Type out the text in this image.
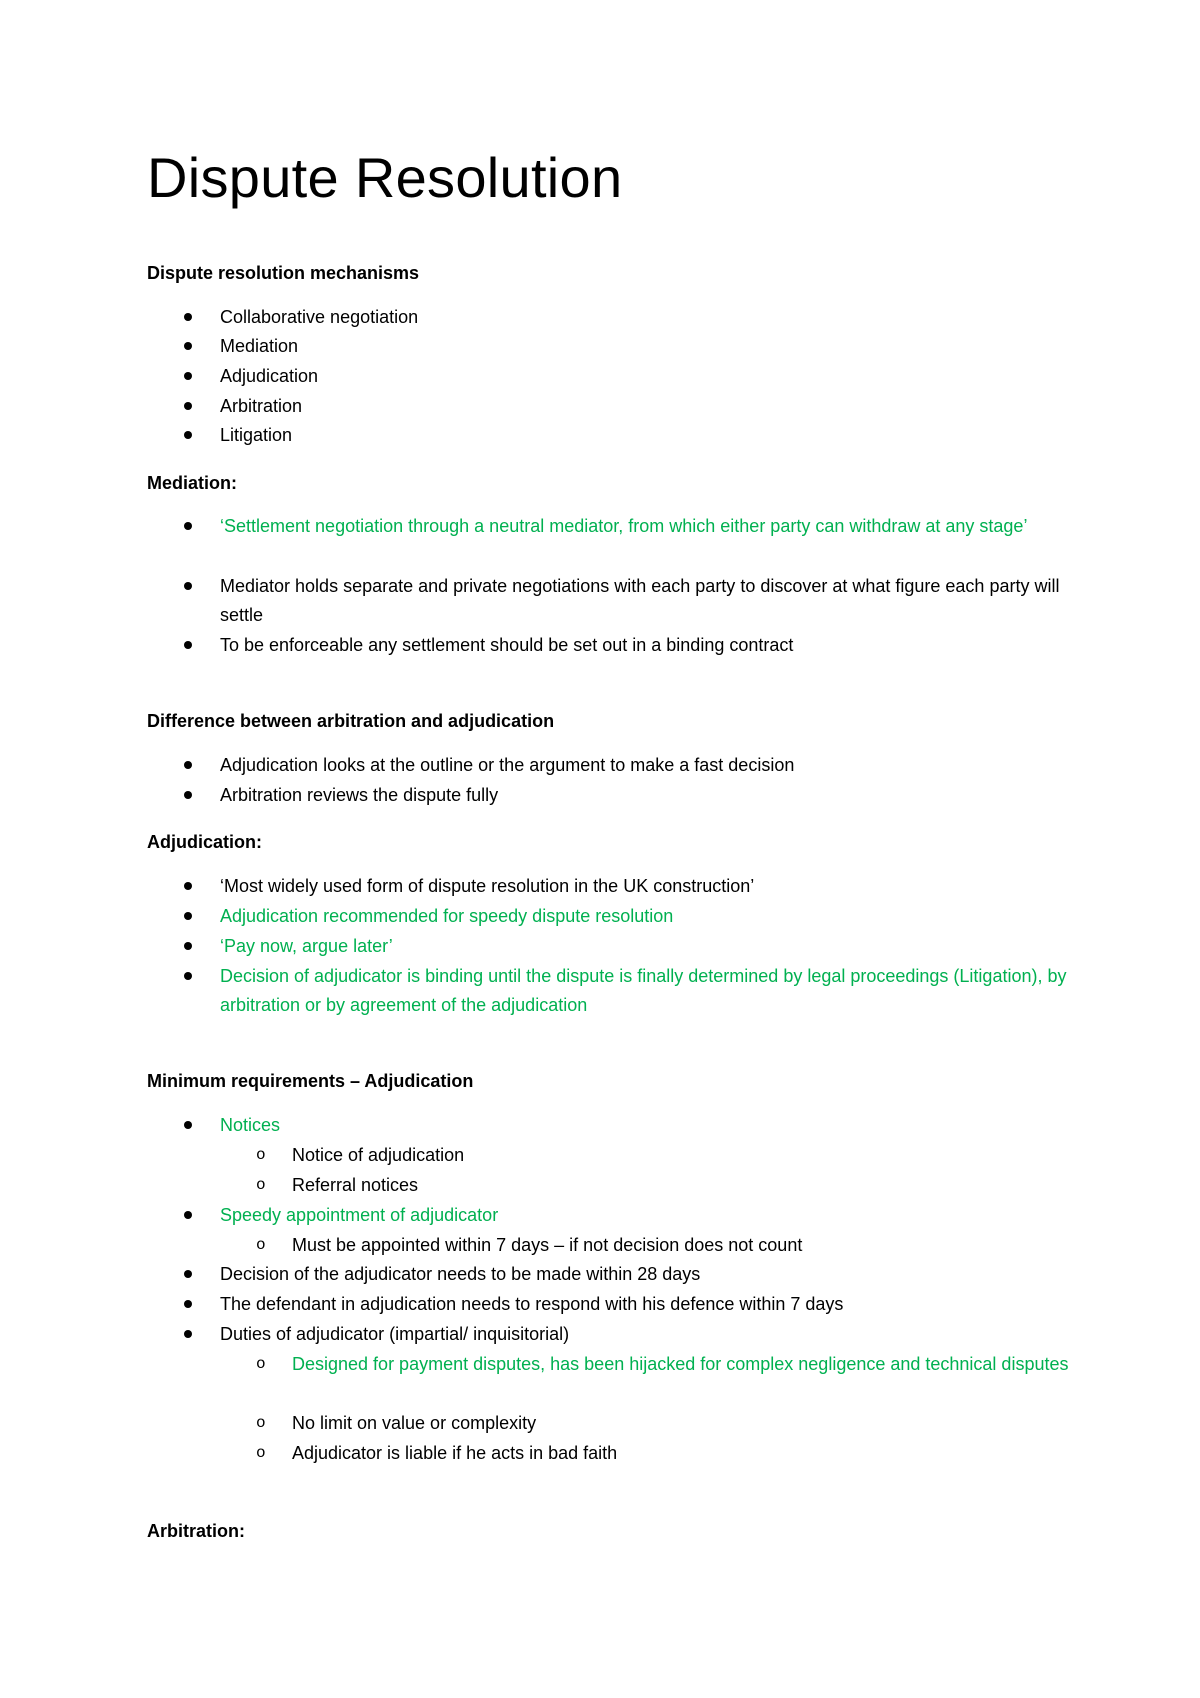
Dispute Resolution

Dispute resolution mechanisms

Collaborative negotiation

Mediation

Adjudication

Arbitration

Litigation

Mediation:

‘Settlement negotiation through a neutral mediator, from which either party can withdraw at any stage’

Mediator holds separate and private negotiations with each party to discover at what figure each party will settle

To be enforceable any settlement should be set out in a binding contract

Difference between arbitration and adjudication

Adjudication looks at the outline or the argument to make a fast decision

Arbitration reviews the dispute fully

Adjudication:

‘Most widely used form of dispute resolution in the UK construction’

Adjudication recommended for speedy dispute resolution

‘Pay now, argue later’

Decision of adjudicator is binding until the dispute is finally determined by legal proceedings (Litigation), by arbitration or by agreement of the adjudication

Minimum requirements – Adjudication

Notices

o Notice of adjudication

o Referral notices

Speedy appointment of adjudicator

o Must be appointed within 7 days – if not decision does not count

Decision of the adjudicator needs to be made within 28 days

The defendant in adjudication needs to respond with his defence within 7 days

Duties of adjudicator (impartial/ inquisitorial)

o Designed for payment disputes, has been hijacked for complex negligence and technical disputes

o No limit on value or complexity

o Adjudicator is liable if he acts in bad faith

Arbitration:
